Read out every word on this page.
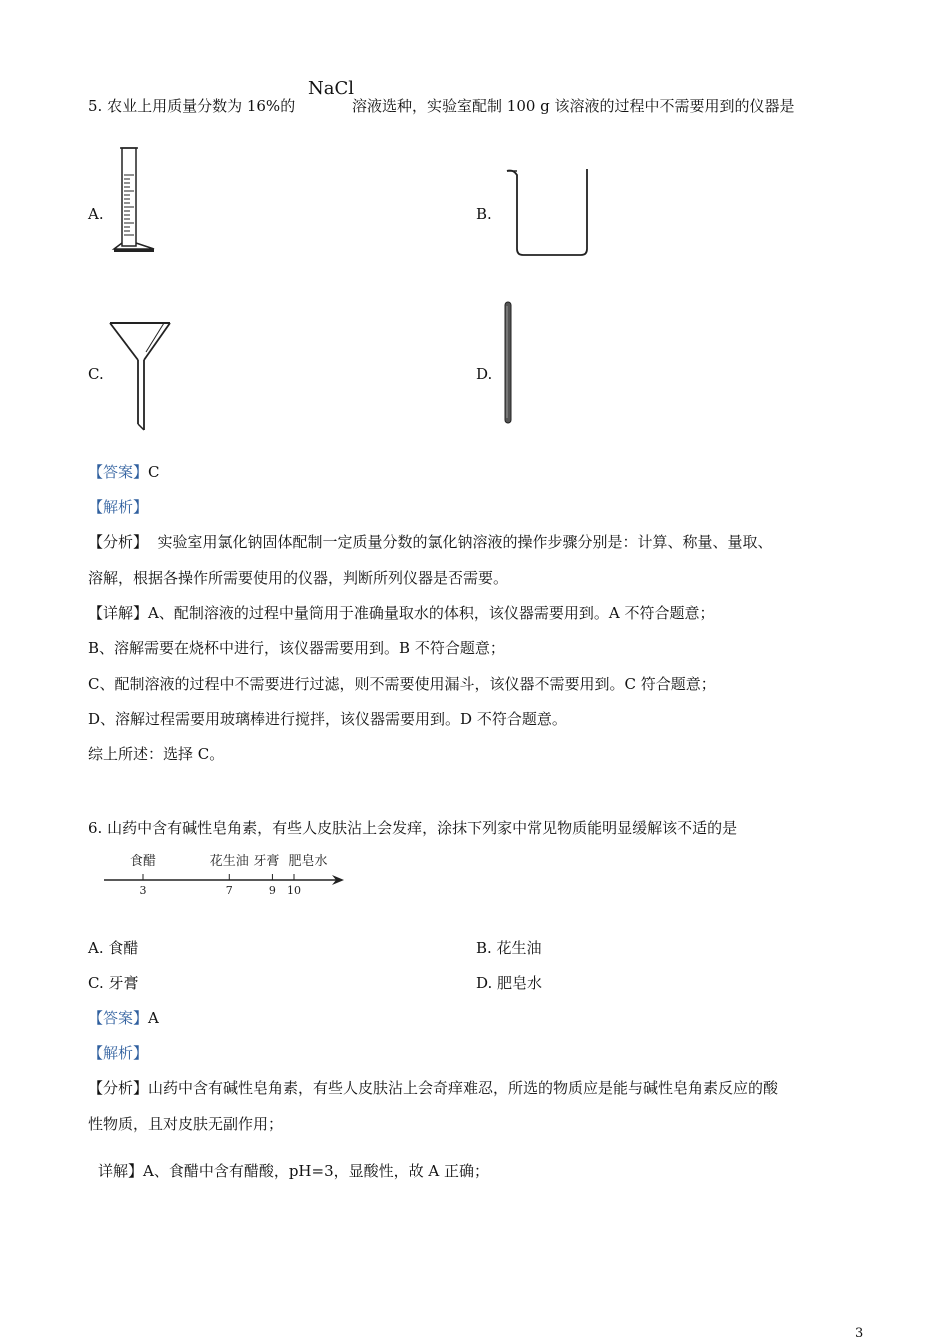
5. 农业上用质量分数为 16%的
NaCl
溶液选种，实验室配制 100 g 该溶液的过程中不需要用到的仪器是
A.	B.
C.	D.
【答案】C
【解析】
【分析】  实验室用氯化钠固体配制一定质量分数的氯化钠溶液的操作步骤分别是：计算、称量、量取、
溶解，根据各操作所需要使用的仪器，判断所列仪器是否需要。
【详解】A、配制溶液的过程中量筒用于准确量取水的体积，该仪器需要用到。A 不符合题意；
B、溶解需要在烧杯中进行，该仪器需要用到。B 不符合题意；
C、配制溶液的过程中不需要进行过滤，则不需要使用漏斗，该仪器不需要用到。C 符合题意；
D、溶解过程需要用玻璃棒进行搅拌，该仪器需要用到。D 不符合题意。
综上所述：选择 C。
6. 山药中含有碱性皂角素，有些人皮肤沾上会发痒，涂抹下列家中常见物质能明显缓解该不适的是
3
食醋
7
花生油
9
牙膏
10
肥皂水
A. 食醋	B. 花生油
C. 牙膏	D. 肥皂水
【答案】A
【解析】
【分析】山药中含有碱性皂角素，有些人皮肤沾上会奇痒难忍，所选的物质应是能与碱性皂角素反应的酸
性物质，且对皮肤无副作用；
详解】A、食醋中含有醋酸，pH=3，显酸性，故 A 正确；
3
